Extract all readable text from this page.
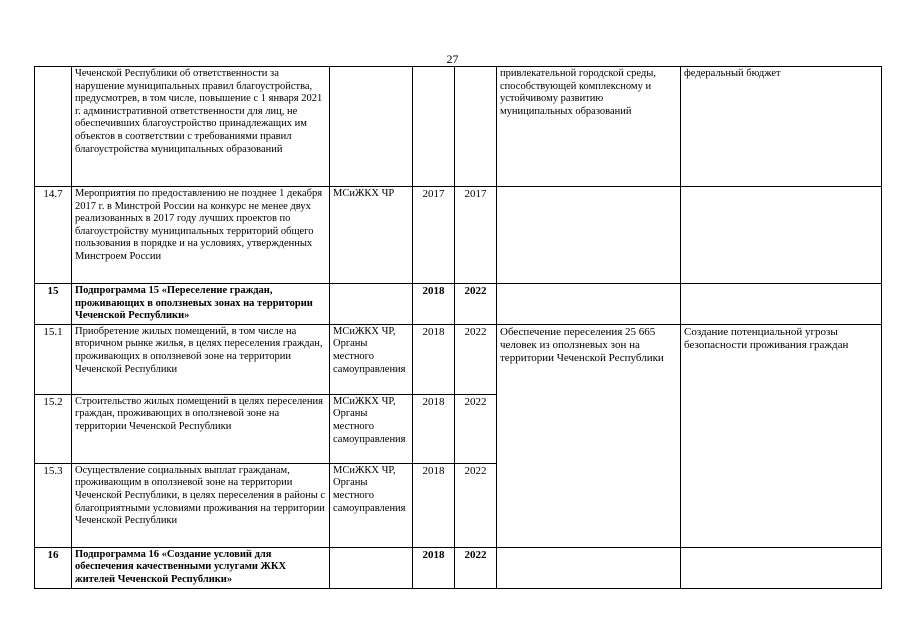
27
	Чеченской Республики об ответственности за нарушение муниципальных правил благоустройства, предусмотрев, в том числе, повышение с 1 января 2021 г. административной ответственности для лиц, не обеспечивших благоустройство принадлежащих им объектов в соответствии с требованиями правил благоустройства муниципальных образований				привлекательной городской среды, способствующей комплексному и устойчивому развитию муниципальных образований	федеральный бюджет
14.7	Мероприятия по предоставлению не позднее 1 декабря 2017 г. в Минстрой России на конкурс не менее двух реализованных в 2017 году лучших проектов по благоустройству муниципальных территорий общего пользования в порядке и на условиях, утвержденных Минстроем России	МСиЖКХ ЧР	2017	2017		
15	Подпрограмма 15 «Переселение граждан, проживающих в оползневых зонах на территории Чеченской Республики»		2018	2022		
15.1	Приобретение жилых помещений, в том числе на вторичном рынке жилья, в целях переселения граждан, проживающих в оползневой зоне на территории Чеченской Республики	МСиЖКХ ЧР, Органы местного самоуправления	2018	2022	Обеспечение переселения 25 665 человек из оползневых зон на территории Чеченской Республики	Создание потенциальной угрозы безопасности проживания граждан
15.2	Строительство жилых помещений в целях переселения граждан, проживающих в оползневой зоне на территории Чеченской Республики	МСиЖКХ ЧР, Органы местного самоуправления	2018	2022		
15.3	Осуществление социальных выплат гражданам, проживающим в оползневой зоне на территории Чеченской Республики, в целях переселения в районы с благоприятными условиями проживания на территории Чеченской Республики	МСиЖКХ ЧР, Органы местного самоуправления	2018	2022		
16	Подпрограмма 16 «Создание условий для обеспечения качественными услугами ЖКХ жителей Чеченской Республики»		2018	2022		
